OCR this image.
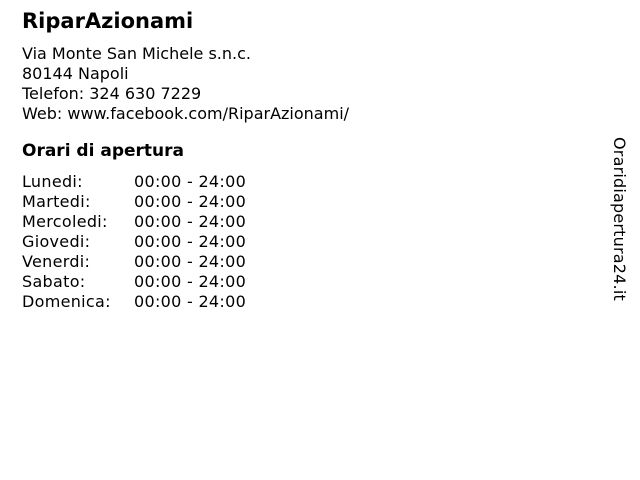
RiparAzionami
Via Monte San Michele s.n.c.
80144 Napoli
Telefon: 324 630 7229
Web: www.facebook.com/RiparAzionami/
Orari di apertura
Lunedi:	00:00 - 24:00
Martedi:	00:00 - 24:00
Mercoledi: 00:00 - 24:00
Giovedi:	00:00 - 24:00
Venerdi:	00:00 - 24:00
Sabato:	00:00 - 24:00
Domenica: 00:00 - 24:00
Oraridiapertura24.it
